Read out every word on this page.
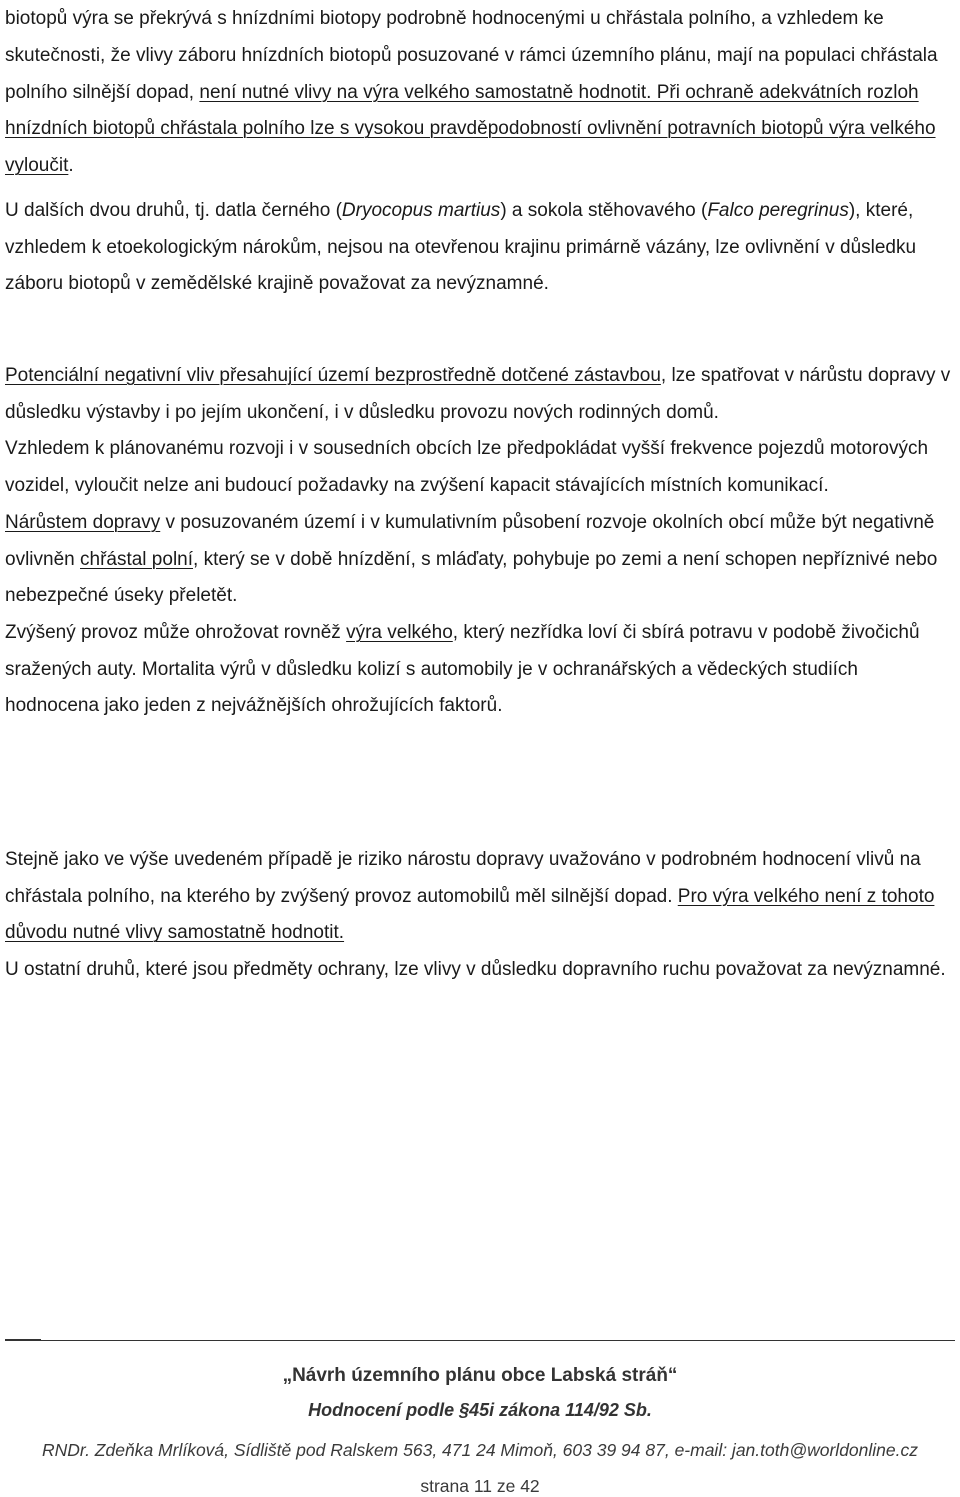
biotopů výra se překrývá s hnízdními biotopy podrobně hodnocenými u chřástala polního, a vzhledem ke skutečnosti, že vlivy záboru hnízdních biotopů posuzované v rámci územního plánu, mají na populaci chřástala polního silnější dopad, není nutné vlivy na výra velkého samostatně hodnotit. Při ochraně adekvátních rozloh hnízdních biotopů chřástala polního lze s vysokou pravděpodobností ovlivnění potravních biotopů výra velkého vyloučit.

U dalších dvou druhů, tj. datla černého (Dryocopus martius) a sokola stěhovavého (Falco peregrinus), které, vzhledem k etoekologickým nárokům, nejsou na otevřenou krajinu primárně vázány, lze ovlivnění v důsledku záboru biotopů v zemědělské krajině považovat za nevýznamné.

Potenciální negativní vliv přesahující území bezprostředně dotčené zástavbou, lze spatřovat v nárůstu dopravy v důsledku výstavby i po jejím ukončení, i v důsledku provozu nových rodinných domů.

Vzhledem k plánovanému rozvoji i v sousedních obcích lze předpokládat vyšší frekvence pojezdů motorových vozidel, vyloučit nelze ani budoucí požadavky na zvýšení kapacit stávajících místních komunikací.

Nárůstem dopravy v posuzovaném území i v kumulativním působení rozvoje okolních obcí může být negativně ovlivněn chřástal polní, který se v době hnízdění, s mláďaty, pohybuje po zemi a není schopen nepříznivé nebo nebezpečné úseky přeletět.

Zvýšený provoz může ohrožovat rovněž výra velkého, který nezřídka loví či sbírá potravu v podobě živočichů sražených auty. Mortalita výrů v důsledku kolizí s automobily je v ochranářských a vědeckých studiích hodnocena jako jeden z nejvážnějších ohrožujících faktorů.

Stejně jako ve výše uvedeném případě je riziko nárostu dopravy uvažováno v podrobném hodnocení vlivů na chřástala polního, na kterého by zvýšený provoz automobilů měl silnější dopad. Pro výra velkého není z tohoto důvodu nutné vlivy samostatně hodnotit.

U ostatní druhů, které jsou předměty ochrany, lze vlivy v důsledku dopravního ruchu považovat za nevýznamné.

„Návrh územního plánu obce Labská stráň“
Hodnocení podle §45i zákona 114/92 Sb.
RNDr. Zdeňka Mrlíková, Sídliště pod Ralskem 563, 471 24 Mimoň, 603 39 94 87, e-mail: jan.toth@worldonline.cz
strana 11 ze 42
